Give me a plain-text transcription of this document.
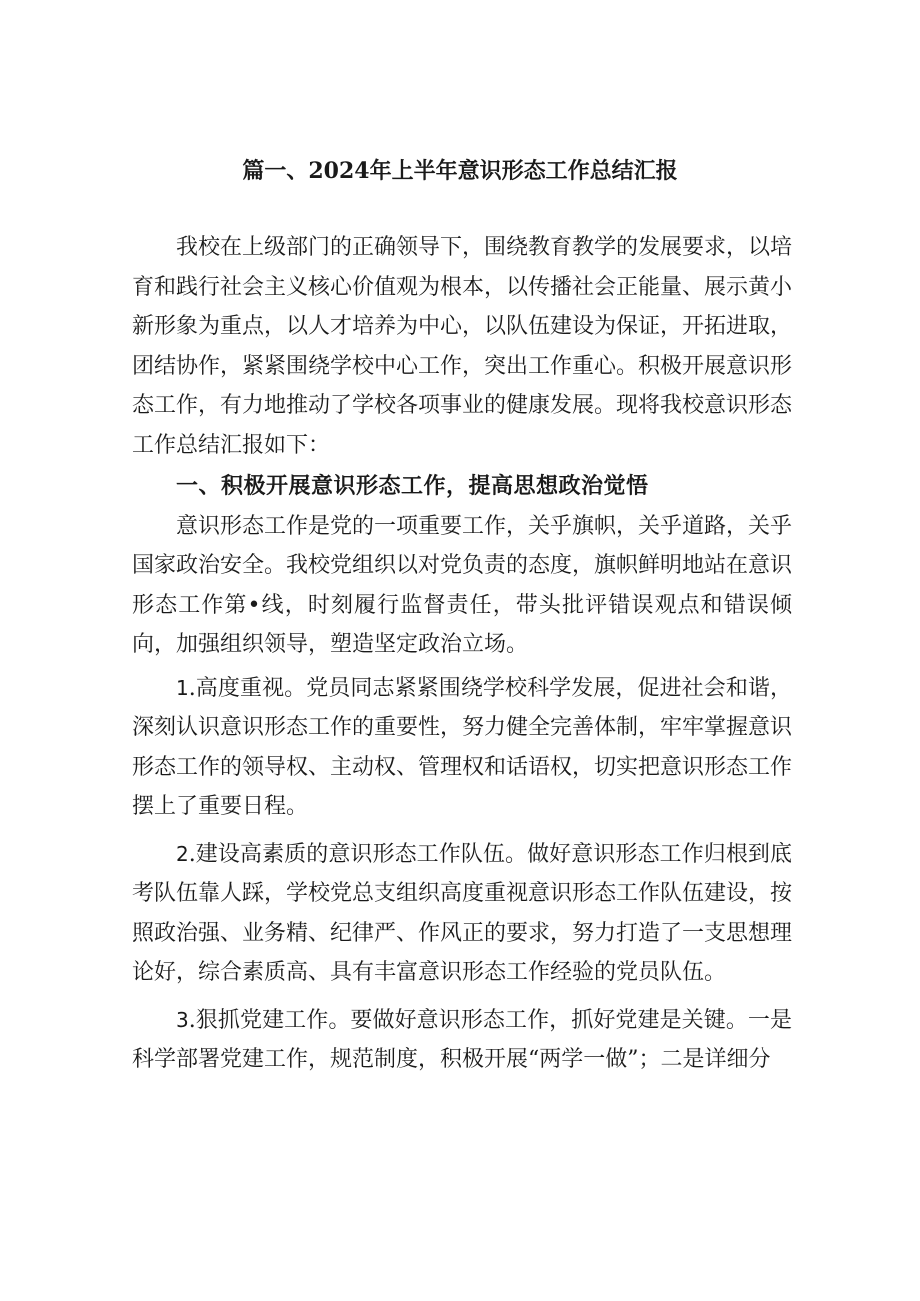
篇一、2024年上半年意识形态工作总结汇报

我校在上级部门的正确领导下，围绕教育教学的发展要求，以培育和践行社会主义核心价值观为根本，以传播社会正能量、展示黄小新形象为重点，以人才培养为中心，以队伍建设为保证，开拓进取，团结协作，紧紧围绕学校中心工作，突出工作重心。积极开展意识形态工作，有力地推动了学校各项事业的健康发展。现将我校意识形态工作总结汇报如下：

一、积极开展意识形态工作，提高思想政治觉悟

意识形态工作是党的一项重要工作，关乎旗帜，关乎道路，关乎国家政治安全。我校党组织以对党负责的态度，旗帜鲜明地站在意识形态工作第•线，时刻履行监督责任，带头批评错误观点和错误倾向，加强组织领导，塑造坚定政治立场。

1.高度重视。党员同志紧紧围绕学校科学发展，促进社会和谐，深刻认识意识形态工作的重要性，努力健全完善体制，牢牢掌握意识形态工作的领导权、主动权、管理权和话语权，切实把意识形态工作摆上了重要日程。

2.建设高素质的意识形态工作队伍。做好意识形态工作归根到底考队伍靠人踩，学校党总支组织高度重视意识形态工作队伍建设，按照政治强、业务精、纪律严、作风正的要求，努力打造了一支思想理论好，综合素质高、具有丰富意识形态工作经验的党员队伍。

3.狠抓党建工作。要做好意识形态工作，抓好党建是关键。一是科学部署党建工作，规范制度，积极开展“两学一做”；二是详细分
